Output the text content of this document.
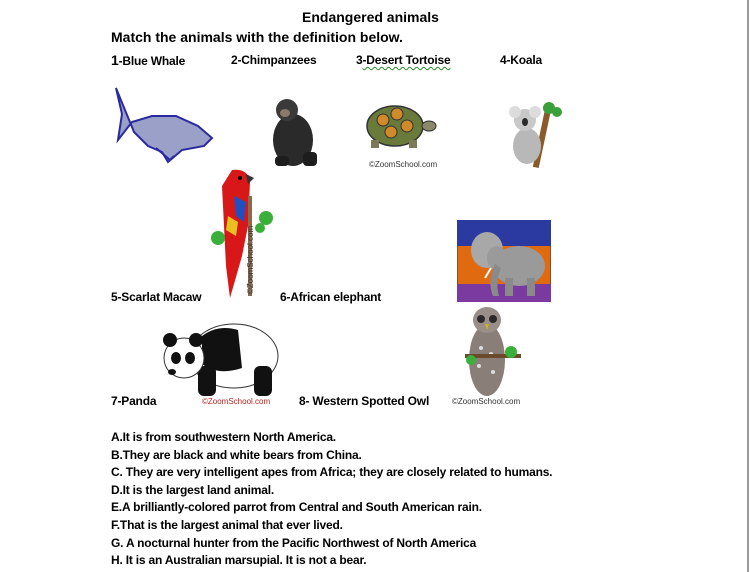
Endangered animals
Match the animals with the definition below.
1-Blue Whale	2-Chimpanzees	3-Desert Tortoise	4-Koala
©ZoomSchool.com
©ZoomSchool.com
5-Scarlat Macaw	6-African elephant
©ZoomSchool.com	©ZoomSchool.com
7-Panda	8- Western Spotted Owl
A.It is from southwestern North America.
B.They are black and white bears from China.
C. They are very intelligent apes from Africa; they are closely related to humans.
D.It is the largest land animal.
E.A brilliantly-colored parrot from Central and South American rain.
F.That is the largest animal that ever lived.
G. A nocturnal hunter from the Pacific Northwest of North America
H. It is an Australian marsupial. It is not a bear.
